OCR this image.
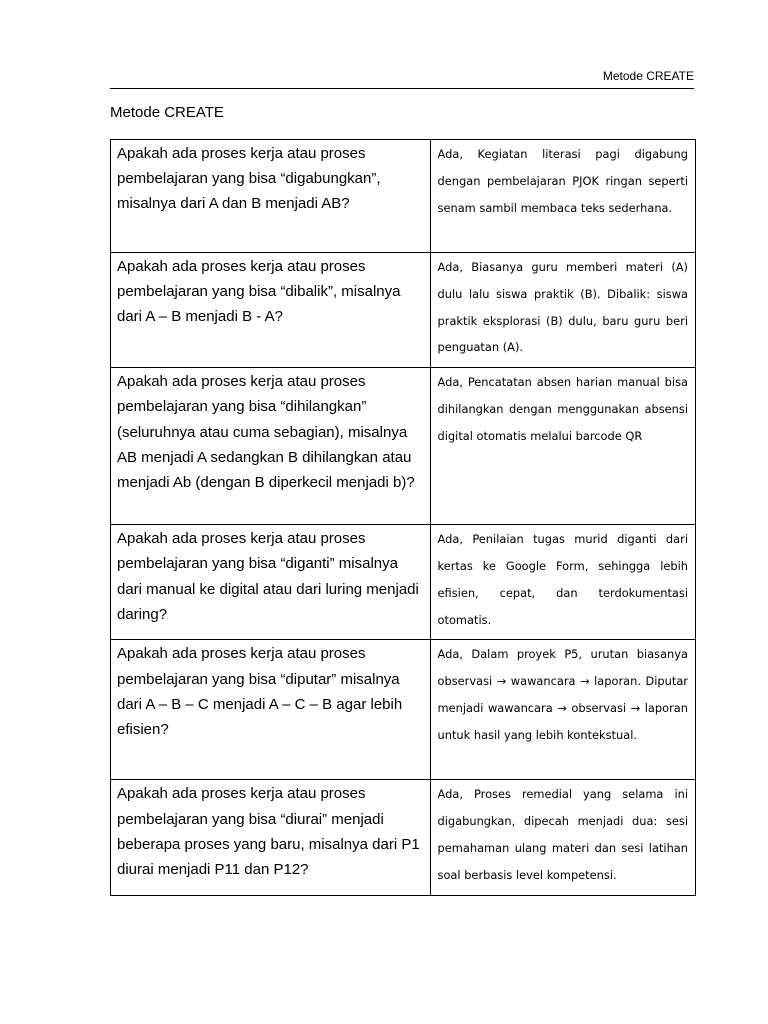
Metode CREATE
Metode CREATE
Apakah ada proses kerja atau proses pembelajaran yang bisa “digabungkan”, misalnya dari A dan B menjadi AB?	Ada, Kegiatan literasi pagi digabung dengan pembelajaran PJOK ringan seperti senam sambil membaca teks sederhana.
Apakah ada proses kerja atau proses pembelajaran yang bisa “dibalik”, misalnya dari A – B menjadi B - A?	Ada, Biasanya guru memberi materi (A) dulu lalu siswa praktik (B). Dibalik: siswa praktik eksplorasi (B) dulu, baru guru beri penguatan (A).
Apakah ada proses kerja atau proses pembelajaran yang bisa “dihilangkan” (seluruhnya atau cuma sebagian), misalnya AB menjadi A sedangkan B dihilangkan atau menjadi Ab (dengan B diperkecil menjadi b)?	Ada, Pencatatan absen harian manual bisa dihilangkan dengan menggunakan absensi digital otomatis melalui barcode QR
Apakah ada proses kerja atau proses pembelajaran yang bisa “diganti” misalnya dari manual ke digital atau dari luring menjadi daring?	Ada, Penilaian tugas murid diganti dari kertas ke Google Form, sehingga lebih efisien, cepat, dan terdokumentasi otomatis.
Apakah ada proses kerja atau proses pembelajaran yang bisa “diputar” misalnya dari A – B – C menjadi A – C – B agar lebih efisien?	Ada, Dalam proyek P5, urutan biasanya observasi → wawancara → laporan. Diputar menjadi wawancara → observasi → laporan untuk hasil yang lebih kontekstual.
Apakah ada proses kerja atau proses pembelajaran yang bisa “diurai” menjadi beberapa proses yang baru, misalnya dari P1 diurai menjadi P11 dan P12?	Ada, Proses remedial yang selama ini digabungkan, dipecah menjadi dua: sesi pemahaman ulang materi dan sesi latihan soal berbasis level kompetensi.
